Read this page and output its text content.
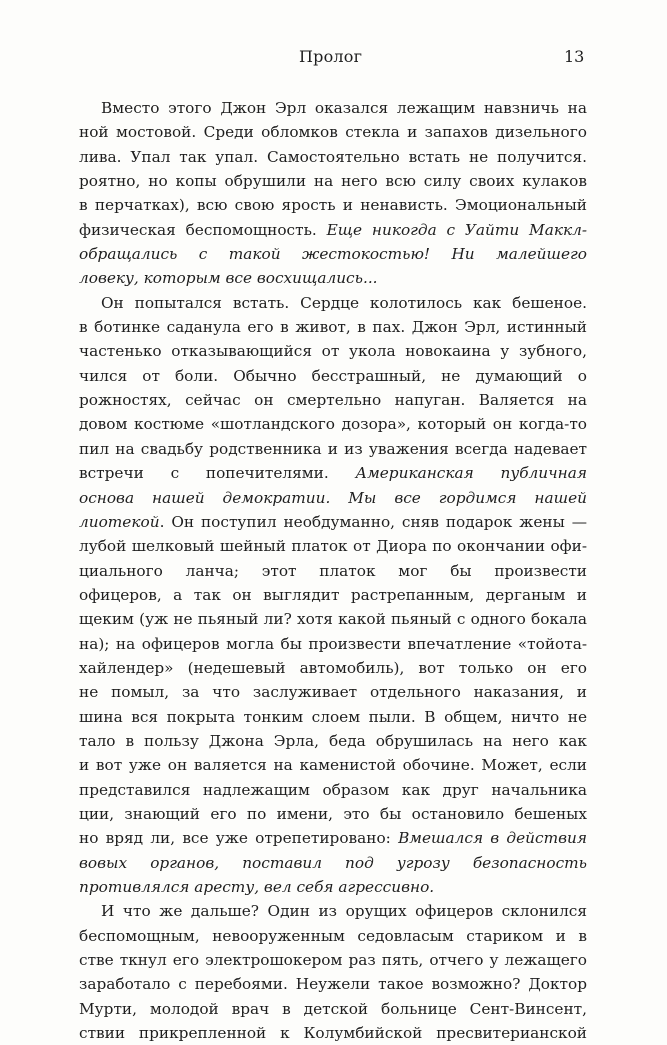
Пролог	13
Вместо этого Джон Эрл оказался лежащим навзничь на
ной мостовой. Среди обломков стекла и запахов дизельного
лива. Упал так упал. Самостоятельно встать не получится.
роятно, но копы обрушили на него всю силу своих кулаков
в перчатках), всю свою ярость и ненависть. Эмоциональный
физическая беспомощность. Еще никогда с Уайти Маккл
обращались с такой жестокостью! Ни малейшего
ловеку, которым все восхищались...
Он попытался встать. Сердце колотилось как бешеное.
в ботинке саданула его в живот, в пах. Джон Эрл, истинный
частенько отказывающийся от укола новокаина у зубного,
чился от боли. Обычно бесстрашный, не думающий о
рожностях, сейчас он смертельно напуган. Валяется на
довом костюме «шотландского дозора», который он когда-то
пил на свадьбу родственника и из уважения всегда надевает
встречи с попечителями. Американская публичная
основа нашей демократии. Мы все гордимся нашей
лиотекой. Он поступил необдуманно, сняв подарок жены —
лубой шелковый шейный платок от Диора по окончании офи-
циального ланча; этот платок мог бы произвести
офицеров, а так он выглядит растрепанным, дерганым и
щеким (уж не пьяный ли? хотя какой пьяный с одного бокала
на); на офицеров могла бы произвести впечатление «тойота-
хайлендер» (недешевый автомобиль), вот только он его
не помыл, за что заслуживает отдельного наказания, и
шина вся покрыта тонким слоем пыли. В общем, ничто не
тало в пользу Джона Эрла, беда обрушилась на него как
и вот уже он валяется на каменистой обочине. Может, если
представился надлежащим образом как друг начальника
ции, знающий его по имени, это бы остановило бешеных
но вряд ли, все уже отрепетировано: Вмешался в действия
вовых органов, поставил под угрозу безопасность
противлялся аресту, вел себя агрессивно.
И что же дальше? Один из орущих офицеров склонился
беспомощным, невооруженным седовласым стариком и в
стве ткнул его электрошокером раз пять, отчего у лежащего
заработало с перебоями. Неужели такое возможно? Доктор
Мурти, молодой врач в детской больнице Сент-Винсент,
ствии прикрепленной к Колумбийской пресвитерианской
